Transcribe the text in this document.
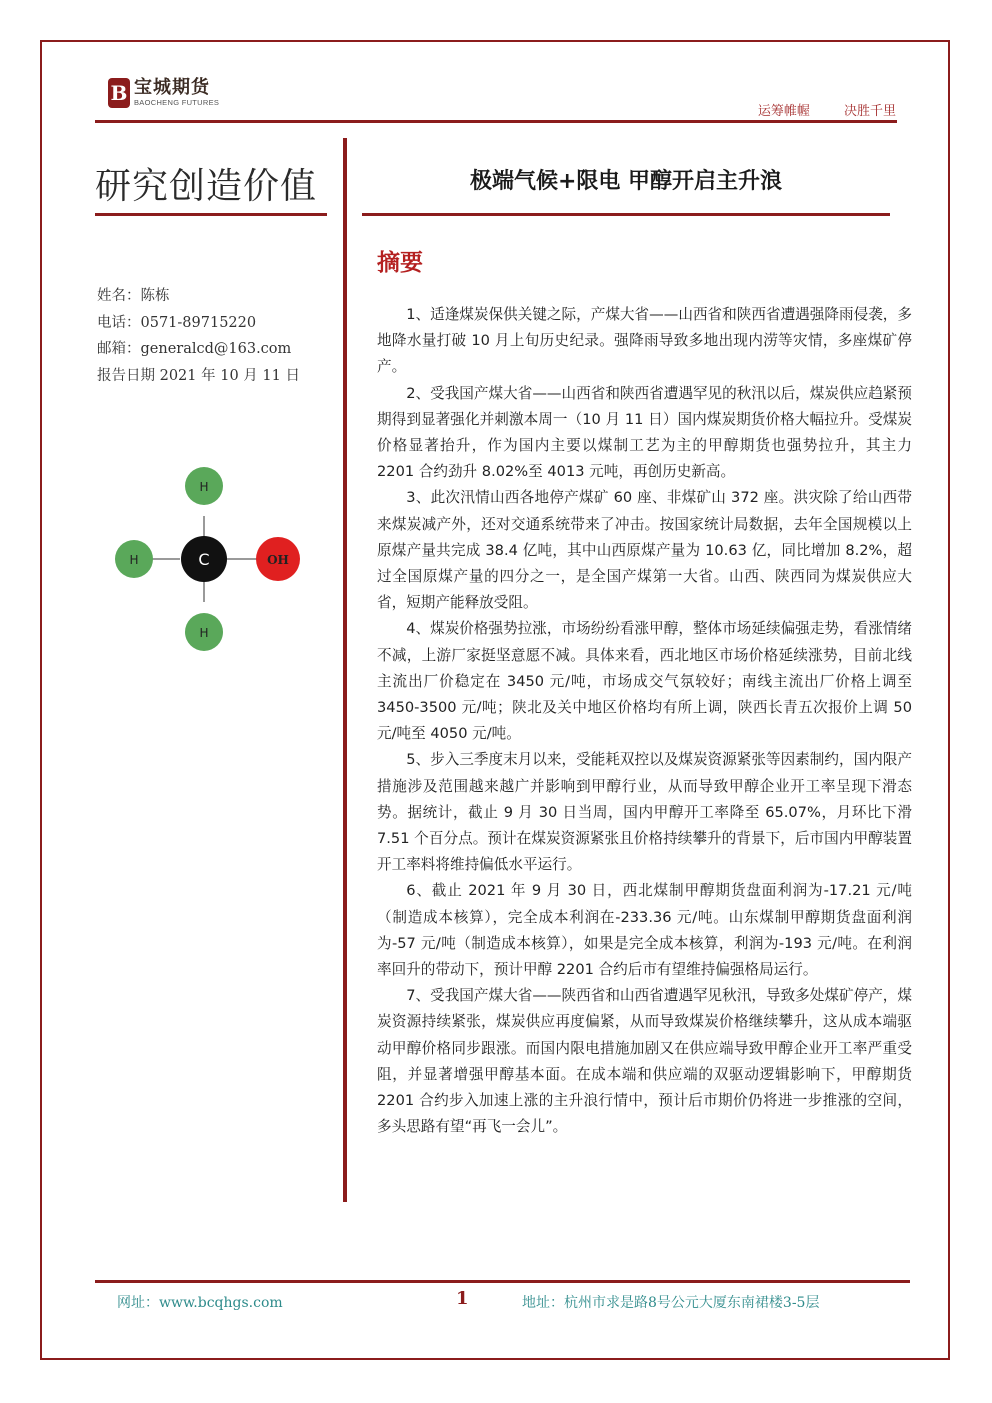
B 宝城期货
BAOCHENG FUTURES
运筹帷幄	决胜千里
研究创造价值
姓名：陈栋
电话：0571-89715220
邮箱：generalcd@163.com
报告日期 2021 年 10 月 11 日
H
H	C	OH
H
极端气候+限电 甲醇开启主升浪
摘要

1、适逢煤炭保供关键之际，产煤大省——山西省和陕西省遭遇强降雨侵袭，多地降水量打破 10 月上旬历史纪录。强降雨导致多地出现内涝等灾情，多座煤矿停产。

2、受我国产煤大省——山西省和陕西省遭遇罕见的秋汛以后，煤炭供应趋紧预期得到显著强化并刺激本周一（10 月 11 日）国内煤炭期货价格大幅拉升。受煤炭价格显著抬升，作为国内主要以煤制工艺为主的甲醇期货也强势拉升，其主力 2201 合约劲升 8.02%至 4013 元吨，再创历史新高。

3、此次汛情山西各地停产煤矿 60 座、非煤矿山 372 座。洪灾除了给山西带来煤炭减产外，还对交通系统带来了冲击。按国家统计局数据，去年全国规模以上原煤产量共完成 38.4 亿吨，其中山西原煤产量为 10.63 亿，同比增加 8.2%，超过全国原煤产量的四分之一，是全国产煤第一大省。山西、陕西同为煤炭供应大省，短期产能释放受阻。

4、煤炭价格强势拉涨，市场纷纷看涨甲醇，整体市场延续偏强走势，看涨情绪不减，上游厂家挺坚意愿不减。具体来看，西北地区市场价格延续涨势，目前北线主流出厂价稳定在 3450 元/吨，市场成交气氛较好；南线主流出厂价格上调至 3450-3500 元/吨；陕北及关中地区价格均有所上调，陕西长青五次报价上调 50 元/吨至 4050 元/吨。

5、步入三季度末月以来，受能耗双控以及煤炭资源紧张等因素制约，国内限产措施涉及范围越来越广并影响到甲醇行业，从而导致甲醇企业开工率呈现下滑态势。据统计，截止 9 月 30 日当周，国内甲醇开工率降至 65.07%，月环比下滑 7.51 个百分点。预计在煤炭资源紧张且价格持续攀升的背景下，后市国内甲醇装置开工率料将维持偏低水平运行。

6、截止 2021 年 9 月 30 日，西北煤制甲醇期货盘面利润为-17.21 元/吨（制造成本核算），完全成本利润在-233.36 元/吨。山东煤制甲醇期货盘面利润为-57 元/吨（制造成本核算），如果是完全成本核算，利润为-193 元/吨。在利润率回升的带动下，预计甲醇 2201 合约后市有望维持偏强格局运行。

7、受我国产煤大省——陕西省和山西省遭遇罕见秋汛，导致多处煤矿停产，煤炭资源持续紧张，煤炭供应再度偏紧，从而导致煤炭价格继续攀升，这从成本端驱动甲醇价格同步跟涨。而国内限电措施加剧又在供应端导致甲醇企业开工率严重受阻，并显著增强甲醇基本面。在成本端和供应端的双驱动逻辑影响下，甲醇期货 2201 合约步入加速上涨的主升浪行情中，预计后市期价仍将进一步推涨的空间，多头思路有望“再飞一会儿”。

网址：www.bcqhgs.com	1	地址：杭州市求是路8号公元大厦东南裙楼3-5层
